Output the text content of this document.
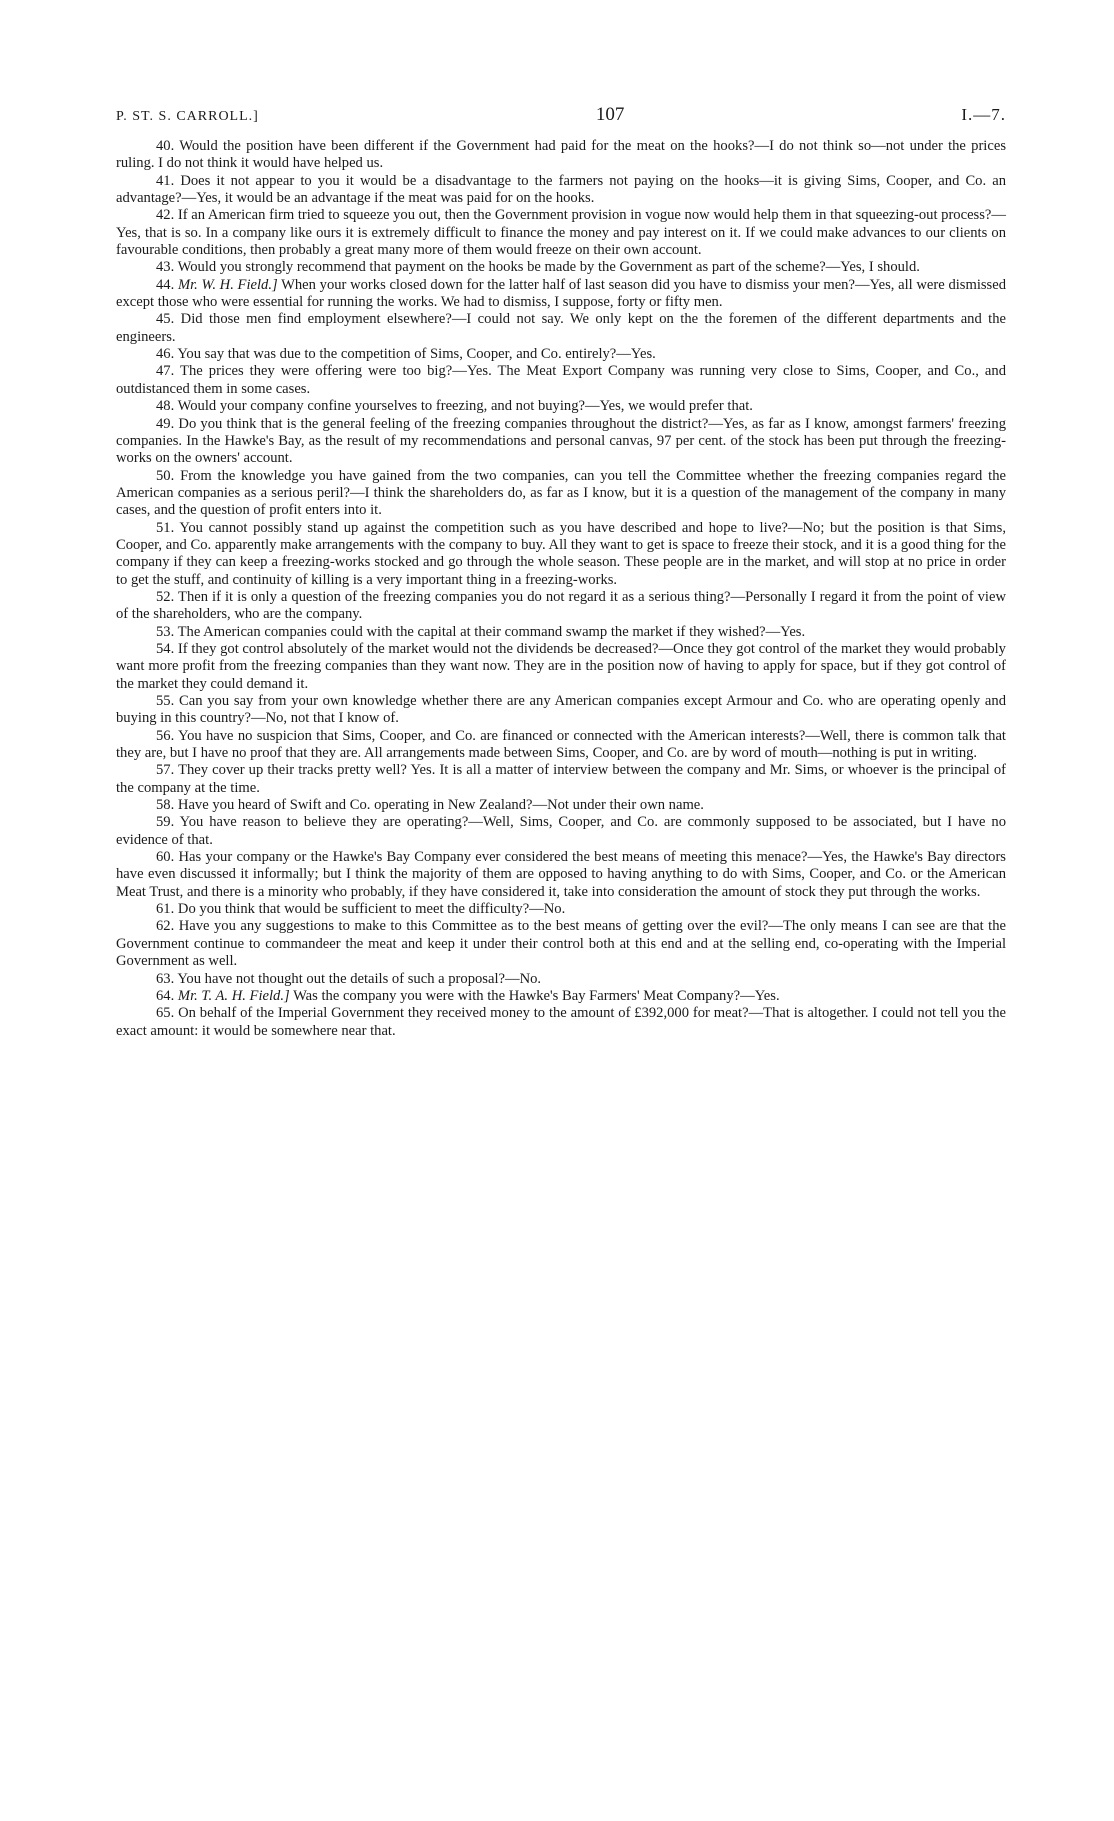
P. ST. S. CARROLL.]	107	I.—7.

40. Would the position have been different if the Government had paid for the meat on the hooks?—I do not think so—not under the prices ruling. I do not think it would have helped us.

41. Does it not appear to you it would be a disadvantage to the farmers not paying on the hooks—it is giving Sims, Cooper, and Co. an advantage?—Yes, it would be an advantage if the meat was paid for on the hooks.

42. If an American firm tried to squeeze you out, then the Government provision in vogue now would help them in that squeezing-out process?—Yes, that is so. In a company like ours it is extremely difficult to finance the money and pay interest on it. If we could make advances to our clients on favourable conditions, then probably a great many more of them would freeze on their own account.

43. Would you strongly recommend that payment on the hooks be made by the Government as part of the scheme?—Yes, I should.

44. Mr. W. H. Field.] When your works closed down for the latter half of last season did you have to dismiss your men?—Yes, all were dismissed except those who were essential for running the works. We had to dismiss, I suppose, forty or fifty men.

45. Did those men find employment elsewhere?—I could not say. We only kept on the the foremen of the different departments and the engineers.

46. You say that was due to the competition of Sims, Cooper, and Co. entirely?—Yes.

47. The prices they were offering were too big?—Yes. The Meat Export Company was running very close to Sims, Cooper, and Co., and outdistanced them in some cases.

48. Would your company confine yourselves to freezing, and not buying?—Yes, we would prefer that.

49. Do you think that is the general feeling of the freezing companies throughout the district?—Yes, as far as I know, amongst farmers' freezing companies. In the Hawke's Bay, as the result of my recommendations and personal canvas, 97 per cent. of the stock has been put through the freezing-works on the owners' account.

50. From the knowledge you have gained from the two companies, can you tell the Committee whether the freezing companies regard the American companies as a serious peril?—I think the shareholders do, as far as I know, but it is a question of the management of the company in many cases, and the question of profit enters into it.

51. You cannot possibly stand up against the competition such as you have described and hope to live?—No; but the position is that Sims, Cooper, and Co. apparently make arrangements with the company to buy. All they want to get is space to freeze their stock, and it is a good thing for the company if they can keep a freezing-works stocked and go through the whole season. These people are in the market, and will stop at no price in order to get the stuff, and continuity of killing is a very important thing in a freezing-works.

52. Then if it is only a question of the freezing companies you do not regard it as a serious thing?—Personally I regard it from the point of view of the shareholders, who are the company.

53. The American companies could with the capital at their command swamp the market if they wished?—Yes.

54. If they got control absolutely of the market would not the dividends be decreased?—Once they got control of the market they would probably want more profit from the freezing companies than they want now. They are in the position now of having to apply for space, but if they got control of the market they could demand it.

55. Can you say from your own knowledge whether there are any American companies except Armour and Co. who are operating openly and buying in this country?—No, not that I know of.

56. You have no suspicion that Sims, Cooper, and Co. are financed or connected with the American interests?—Well, there is common talk that they are, but I have no proof that they are. All arrangements made between Sims, Cooper, and Co. are by word of mouth—nothing is put in writing.

57. They cover up their tracks pretty well? Yes. It is all a matter of interview between the company and Mr. Sims, or whoever is the principal of the company at the time.

58. Have you heard of Swift and Co. operating in New Zealand?—Not under their own name.

59. You have reason to believe they are operating?—Well, Sims, Cooper, and Co. are commonly supposed to be associated, but I have no evidence of that.

60. Has your company or the Hawke's Bay Company ever considered the best means of meeting this menace?—Yes, the Hawke's Bay directors have even discussed it informally; but I think the majority of them are opposed to having anything to do with Sims, Cooper, and Co. or the American Meat Trust, and there is a minority who probably, if they have considered it, take into consideration the amount of stock they put through the works.

61. Do you think that would be sufficient to meet the difficulty?—No.

62. Have you any suggestions to make to this Committee as to the best means of getting over the evil?—The only means I can see are that the Government continue to commandeer the meat and keep it under their control both at this end and at the selling end, co-operating with the Imperial Government as well.

63. You have not thought out the details of such a proposal?—No.

64. Mr. T. A. H. Field.] Was the company you were with the Hawke's Bay Farmers' Meat Company?—Yes.

65. On behalf of the Imperial Government they received money to the amount of £392,000 for meat?—That is altogether. I could not tell you the exact amount: it would be somewhere near that.
